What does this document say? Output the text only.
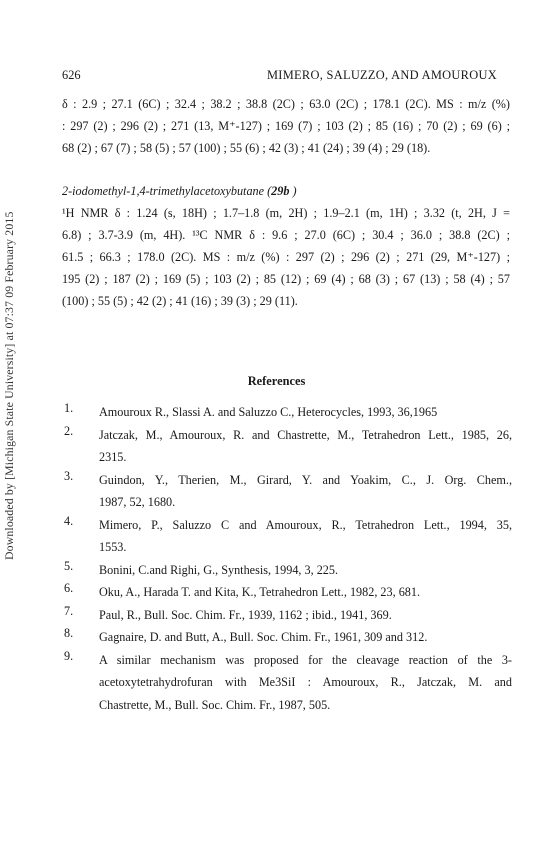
626	MIMERO, SALUZZO, AND AMOUROUX
Downloaded by [Michigan State University] at 07:37 09 February 2015
δ : 2.9 ; 27.1 (6C) ; 32.4 ; 38.2 ; 38.8 (2C) ; 63.0 (2C) ; 178.1 (2C). MS : m/z (%)
: 297 (2) ; 296 (2) ; 271 (13, M⁺-127) ; 169 (7) ; 103 (2) ; 85 (16) ; 70 (2) ; 69 (6) ;
68 (2) ; 67 (7) ; 58 (5) ; 57 (100) ; 55 (6) ; 42 (3) ; 41 (24) ; 39 (4) ; 29 (18).
2-iodomethyl-1,4-trimethylacetoxybutane (29b )
¹H NMR δ : 1.24 (s, 18H) ; 1.7–1.8 (m, 2H) ; 1.9–2.1 (m, 1H) ; 3.32 (t, 2H, J =
6.8) ; 3.7-3.9 (m, 4H). ¹³C NMR δ : 9.6 ; 27.0 (6C) ; 30.4 ; 36.0 ; 38.8 (2C) ;
61.5 ; 66.3 ; 178.0 (2C). MS : m/z (%) : 297 (2) ; 296 (2) ; 271 (29, M⁺-127) ;
195 (2) ; 187 (2) ; 169 (5) ; 103 (2) ; 85 (12) ; 69 (4) ; 68 (3) ; 67 (13) ; 58 (4) ; 57
(100) ; 55 (5) ; 42 (2) ; 41 (16) ; 39 (3) ; 29 (11).
References
1.	Amouroux R., Slassi A. and Saluzzo C., Heterocycles, 1993, 36,1965
2.	Jatczak, M., Amouroux, R. and Chastrette, M., Tetrahedron Lett., 1985, 26,
2315.
3.	Guindon, Y., Therien, M., Girard, Y. and Yoakim, C., J. Org. Chem.,
1987, 52, 1680.
4.	Mimero, P., Saluzzo C and Amouroux, R., Tetrahedron Lett., 1994, 35,
1553.
5.	Bonini, C.and Righi, G., Synthesis, 1994, 3, 225.
6.	Oku, A., Harada T. and Kita, K., Tetrahedron Lett., 1982, 23, 681.
7.	Paul, R., Bull. Soc. Chim. Fr., 1939, 1162 ; ibid., 1941, 369.
8.	Gagnaire, D. and Butt, A., Bull. Soc. Chim. Fr., 1961, 309 and 312.
9.	A similar mechanism was proposed for the cleavage reaction of the 3-
acetoxytetrahydrofuran with Me3SiI : Amouroux, R., Jatczak, M. and
Chastrette, M., Bull. Soc. Chim. Fr., 1987, 505.
